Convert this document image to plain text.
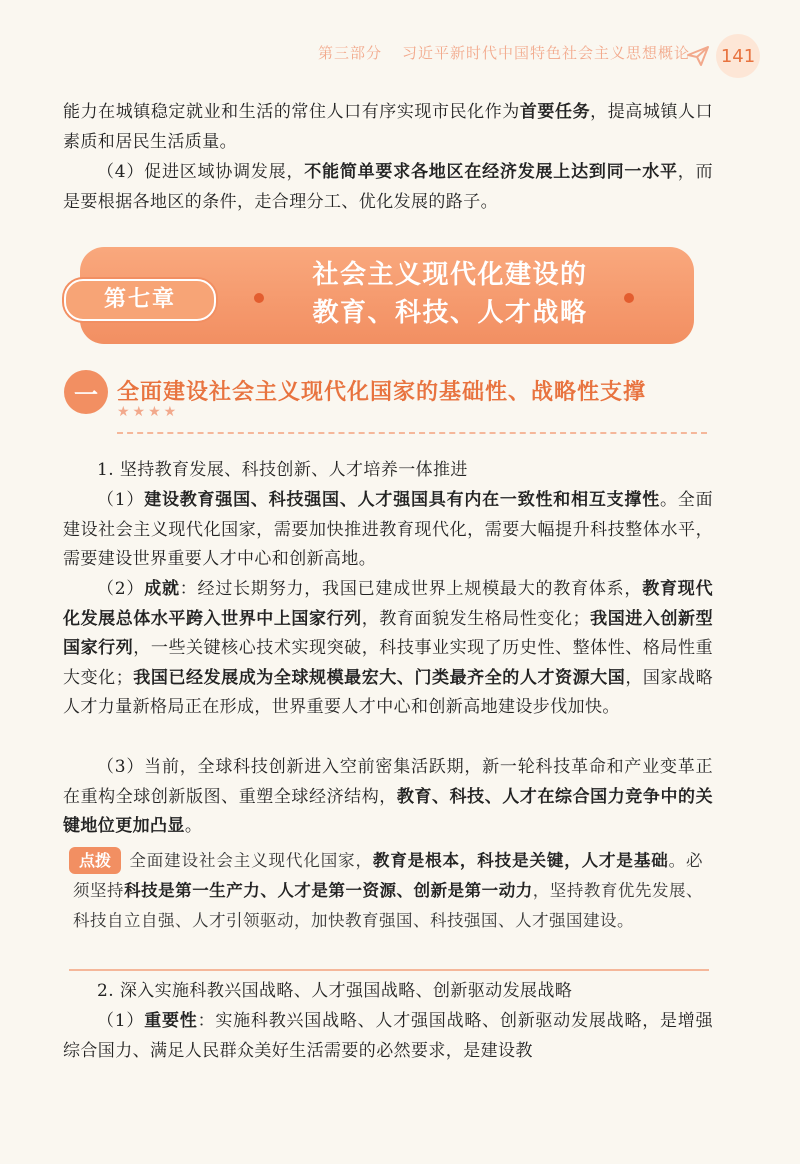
第三部分 习近平新时代中国特色社会主义思想概论 141

能力在城镇稳定就业和生活的常住人口有序实现市民化作为首要任务，提高城镇人口素质和居民生活质量。

（4）促进区域协调发展，不能简单要求各地区在经济发展上达到同一水平，而是要根据各地区的条件，走合理分工、优化发展的路子。

第七章
社会主义现代化建设的
教育、科技、人才战略
一 全面建设社会主义现代化国家的基础性、战略性支撑
★★★★

1. 坚持教育发展、科技创新、人才培养一体推进

（1）建设教育强国、科技强国、人才强国具有内在一致性和相互支撑性。全面建设社会主义现代化国家，需要加快推进教育现代化，需要大幅提升科技整体水平，需要建设世界重要人才中心和创新高地。

（2）成就：经过长期努力，我国已建成世界上规模最大的教育体系，教育现代化发展总体水平跨入世界中上国家行列，教育面貌发生格局性变化；我国进入创新型国家行列，一些关键核心技术实现突破，科技事业实现了历史性、整体性、格局性重大变化；我国已经发展成为全球规模最宏大、门类最齐全的人才资源大国，国家战略人才力量新格局正在形成，世界重要人才中心和创新高地建设步伐加快。

（3）当前，全球科技创新进入空前密集活跃期，新一轮科技革命和产业变革正在重构全球创新版图、重塑全球经济结构，教育、科技、人才在综合国力竞争中的关键地位更加凸显。

点拨	全面建设社会主义现代化国家，教育是根本，科技是关键，人才是基础。必须坚持科技是第一生产力、人才是第一资源、创新是第一动力，坚持教育优先发展、科技自立自强、人才引领驱动，加快教育强国、科技强国、人才强国建设。

2. 深入实施科教兴国战略、人才强国战略、创新驱动发展战略

（1）重要性：实施科教兴国战略、人才强国战略、创新驱动发展战略，是增强综合国力、满足人民群众美好生活需要的必然要求，是建设教
